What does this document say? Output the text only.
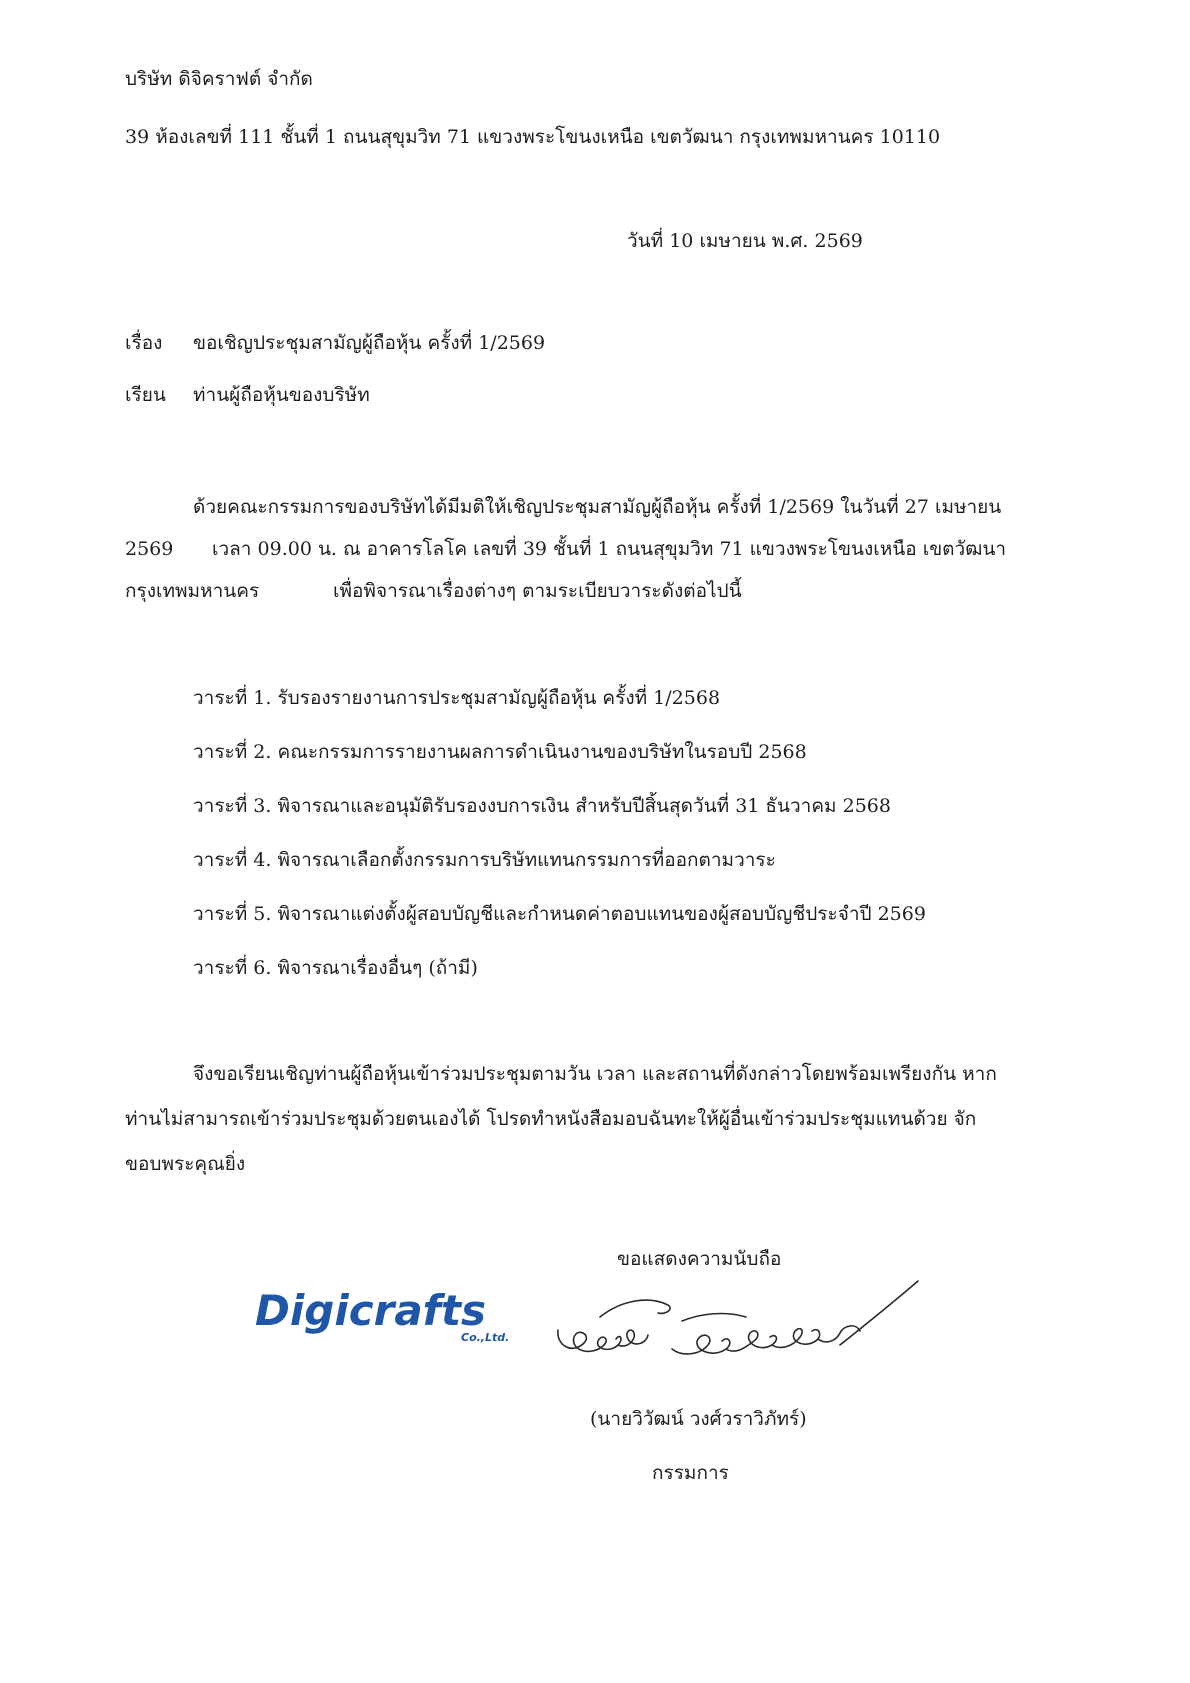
บริษัท ดิจิคราฟต์ จำกัด
39 ห้องเลขที่ 111 ชั้นที่ 1 ถนนสุขุมวิท 71 แขวงพระโขนงเหนือ เขตวัฒนา กรุงเทพมหานคร 10110
วันที่ 10 เมษายน พ.ศ. 2569
เรื่อง ขอเชิญประชุมสามัญผู้ถือหุ้น ครั้งที่ 1/2569
เรียน ท่านผู้ถือหุ้นของบริษัท
ด้วยคณะกรรมการของบริษัทได้มีมติให้เชิญประชุมสามัญผู้ถือหุ้น ครั้งที่ 1/2569 ในวันที่ 27 เมษายน
2569 เวลา 09.00 น. ณ อาคารโลโค เลขที่ 39 ชั้นที่ 1 ถนนสุขุมวิท 71 แขวงพระโขนงเหนือ เขตวัฒนา
กรุงเทพมหานคร	เพื่อพิจารณาเรื่องต่างๆ ตามระเบียบวาระดังต่อไปนี้
วาระที่ 1. รับรองรายงานการประชุมสามัญผู้ถือหุ้น ครั้งที่ 1/2568
วาระที่ 2. คณะกรรมการรายงานผลการดำเนินงานของบริษัทในรอบปี 2568
วาระที่ 3. พิจารณาและอนุมัติรับรองงบการเงิน สำหรับปีสิ้นสุดวันที่ 31 ธันวาคม 2568
วาระที่ 4. พิจารณาเลือกตั้งกรรมการบริษัทแทนกรรมการที่ออกตามวาระ
วาระที่ 5. พิจารณาแต่งตั้งผู้สอบบัญชีและกำหนดค่าตอบแทนของผู้สอบบัญชีประจำปี 2569
วาระที่ 6. พิจารณาเรื่องอื่นๆ (ถ้ามี)
จึงขอเรียนเชิญท่านผู้ถือหุ้นเข้าร่วมประชุมตามวัน เวลา และสถานที่ดังกล่าวโดยพร้อมเพรียงกัน หาก
ท่านไม่สามารถเข้าร่วมประชุมด้วยตนเองได้ โปรดทำหนังสือมอบฉันทะให้ผู้อื่นเข้าร่วมประชุมแทนด้วย จัก
ขอบพระคุณยิ่ง
ขอแสดงความนับถือ
Digicrafts
Co.,Ltd.
(นายวิวัฒน์ วงศ์วราวิภัทร์)
กรรมการ
